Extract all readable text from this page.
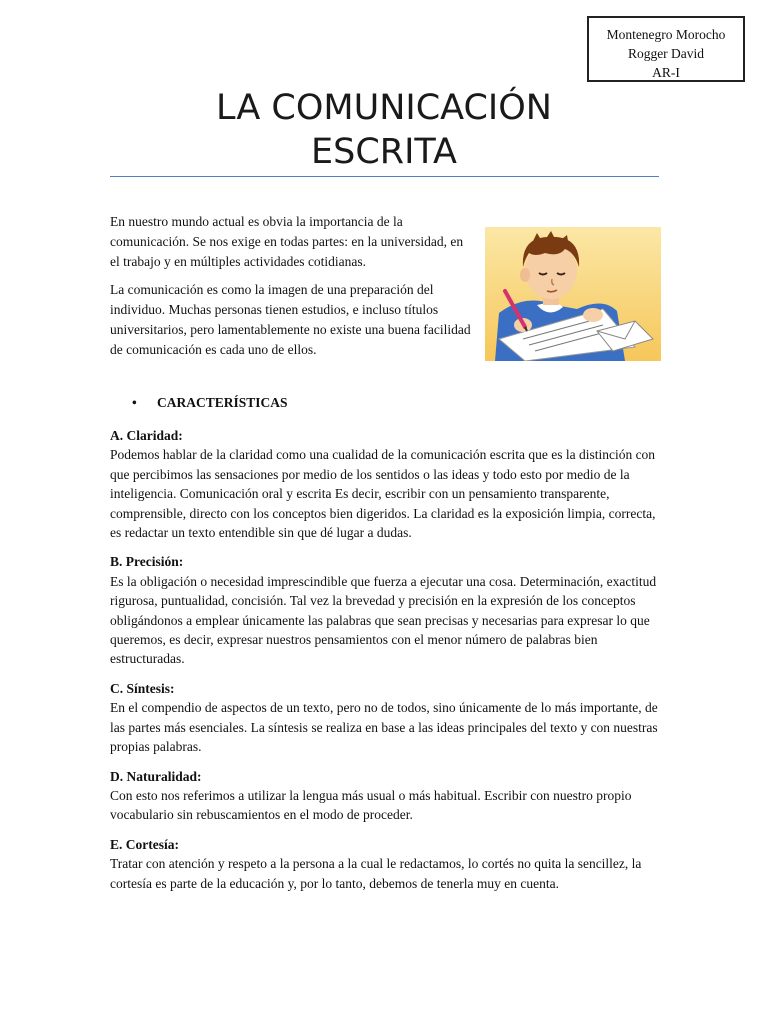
Montenegro Morocho
Rogger David
AR-I
LA COMUNICACIÓN
ESCRITA

En nuestro mundo actual es obvia la importancia de la comunicación. Se nos exige en todas partes: en la universidad, en el trabajo y en múltiples actividades cotidianas.

La comunicación es como la imagen de una preparación del individuo. Muchas personas tienen estudios, e incluso títulos universitarios, pero lamentablemente no existe una buena facilidad de comunicación es cada uno de ellos.

• CARACTERÍSTICAS
A. Claridad:

Podemos hablar de la claridad como una cualidad de la comunicación escrita que es la distinción con que percibimos las sensaciones por medio de los sentidos o las ideas y todo esto por medio de la inteligencia. Comunicación oral y escrita Es decir, escribir con un pensamiento transparente, comprensible, directo con los conceptos bien digeridos. La claridad es la exposición limpia, correcta, es redactar un texto entendible sin que dé lugar a dudas.

B. Precisión:

Es la obligación o necesidad imprescindible que fuerza a ejecutar una cosa. Determinación, exactitud rigurosa, puntualidad, concisión. Tal vez la brevedad y precisión en la expresión de los conceptos obligándonos a emplear únicamente las palabras que sean precisas y necesarias para expresar lo que queremos, es decir, expresar nuestros pensamientos con el menor número de palabras bien estructuradas.

C. Síntesis:

En el compendio de aspectos de un texto, pero no de todos, sino únicamente de lo más importante, de las partes más esenciales. La síntesis se realiza en base a las ideas principales del texto y con nuestras propias palabras.

D. Naturalidad:

Con esto nos referimos a utilizar la lengua más usual o más habitual. Escribir con nuestro propio vocabulario sin rebuscamientos en el modo de proceder.

E. Cortesía:

Tratar con atención y respeto a la persona a la cual le redactamos, lo cortés no quita la sencillez, la cortesía es parte de la educación y, por lo tanto, debemos de tenerla muy en cuenta.
